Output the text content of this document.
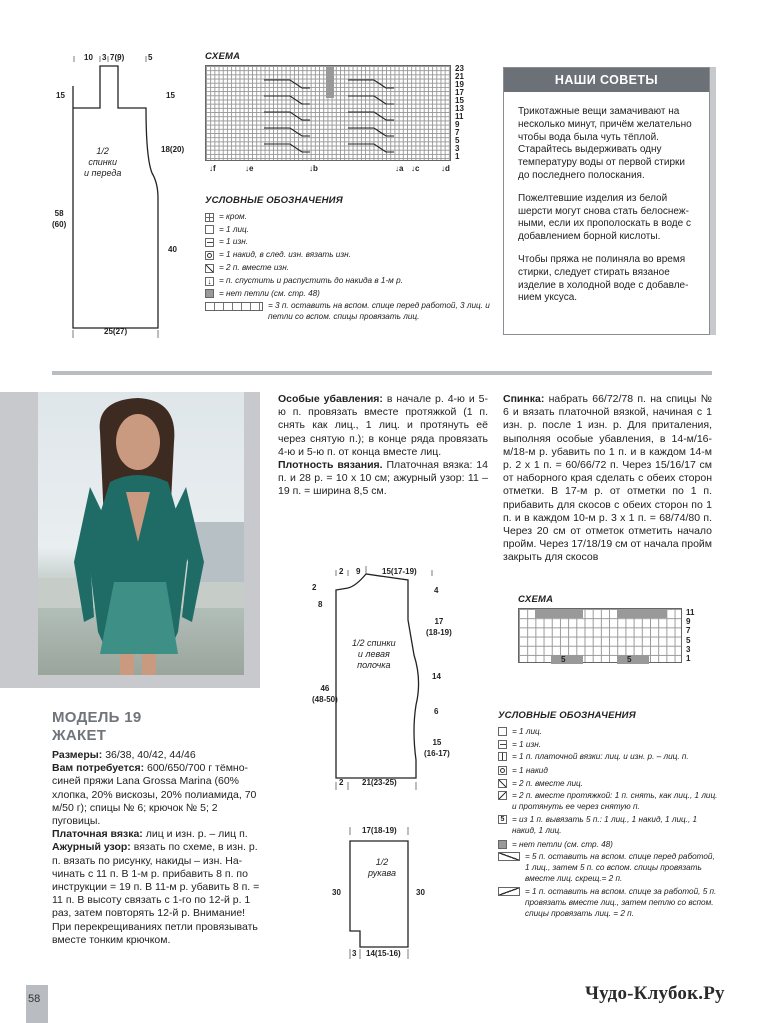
10 3 7(9)	5
15	15
18(20)
58
(60)
40
25(27)
1/2
спинки
и переда
СХЕМА
23
21
19
17
15
13
11
9
7
5
3
1
↓f	↓e	↓b	↓a ↓c	↓d
УСЛОВНЫЕ ОБОЗНАЧЕНИЯ
= кром.
= 1 лиц.
= 1 изн.
= 1 накид, в след. изн. вязать изн.
= 2 п. вместе изн.
↓ = п. спустить и распустить до накида в 1-м р.
= нет петли (см. стр. 48)
= 3 п. оставить на вспом. спице перед работой, 3 лиц. и петли со вспом. спицы провязать лиц.
НАШИ СОВЕТЫ
Трикотажные вещи замачивают на несколько минут, причём желательно чтобы вода была чуть тёплой. Старайтесь выдерживать одну температуру воды от первой стирки до последнего полоскания.
Пожелтевшие изделия из белой шерсти могут снова стать белоснежными, если их прополоскать в воде с добавлением борной кислоты.
Чтобы пряжа не полиняла во время стирки, следует стирать вязаное изделие в холодной воде с добавлением уксуса.
МОДЕЛЬ 19
ЖАКЕТ
Размеры: 36/38, 40/42, 44/46
Вам потребуется: 600/650/700 г тёмно-синей пряжи Lana Grossa Marina (60% хлопка, 20% вискозы, 20% полиамида, 70 м/50 г); спицы № 6; крючок № 5; 2 пуговицы.
Платочная вязка: лиц и изн. р. – лиц п.
Ажурный узор: вязать по схеме, в изн. р. п. вязать по рисунку, накиды – изн. Начинать с 11 п. В 1-м р. прибавить 8 п. по инструкции = 19 п. В 11-м р. убавить 8 п. = 11 п. В высоту связать с 1-го по 12-й р. 1 раз, затем повторять 12-й р. Внимание! При перекрещиваниях петли провязывать вместе тонким крючком.
Особые убавления: в начале р. 4-ю и 5-ю п. провязать вместе протяжкой (1 п. снять как лиц., 1 лиц. и протянуть её через снятую п.); в конце ряда провязать 4-ю и 5-ю п. от конца вместе лиц.
Плотность вязания. Платочная вязка: 14 п. и 28 р. = 10 х 10 см; ажурный узор: 11 – 19 п. = ширина 8,5 см.
Спинка: набрать 66/72/78 п. на спицы № 6 и вязать платочной вязкой, начиная с 1 изн. р. после 1 изн. р. Для приталения, выполняя особые убавления, в 14-м/16-м/18-м р. убавить по 1 п. и в каждом 14-м р. 2 х 1 п. = 60/66/72 п. Через 15/16/17 см от наборного края сделать с обеих сторон отметки. В 17-м р. от отметки по 1 п. прибавить для скосов с обеих сторон по 1 п. и в каждом 10-м р. 3 х 1 п. = 68/74/80 п. Через 20 см от отметок отметить начало пройм. Через 17/18/19 см от начала пройм закрыть для скосов
2 9	15(17-19)
2
8
46
(48-50)
4
17
(18-19)
14
6
15
(16-17)
2 21(23-25)
1/2 спинки
и левая
полочка
17(18-19)
30	30
3 14(15-16)
1/2
рукава
СХЕМА
5	5
11
9
7
5
3
1
УСЛОВНЫЕ ОБОЗНАЧЕНИЯ
= 1 лиц.
= 1 изн.
= 1 п. платочной вязки: лиц. и изн. р. – лиц. п.
= 1 накид
= 2 п. вместе лиц.
= 2 п. вместе протяжкой: 1 п. снять, как лиц., 1 лиц. и протянуть ее через снятую п.
5 = из 1 п. вывязать 5 п.: 1 лиц., 1 накид, 1 лиц., 1 накид, 1 лиц.
= нет петли (см. стр. 48)
= 5 п. оставить на вспом. спице перед работой, 1 лиц., затем 5 п. со вспом. спицы провязать вместе лиц. скрещ.= 2 п.
= 1 п. оставить на вспом. спице за работой, 5 п. провязать вместе лиц., затем петлю со вспом. спицы провязать лиц. = 2 п.
58	Чудо-Клубок.Ру
